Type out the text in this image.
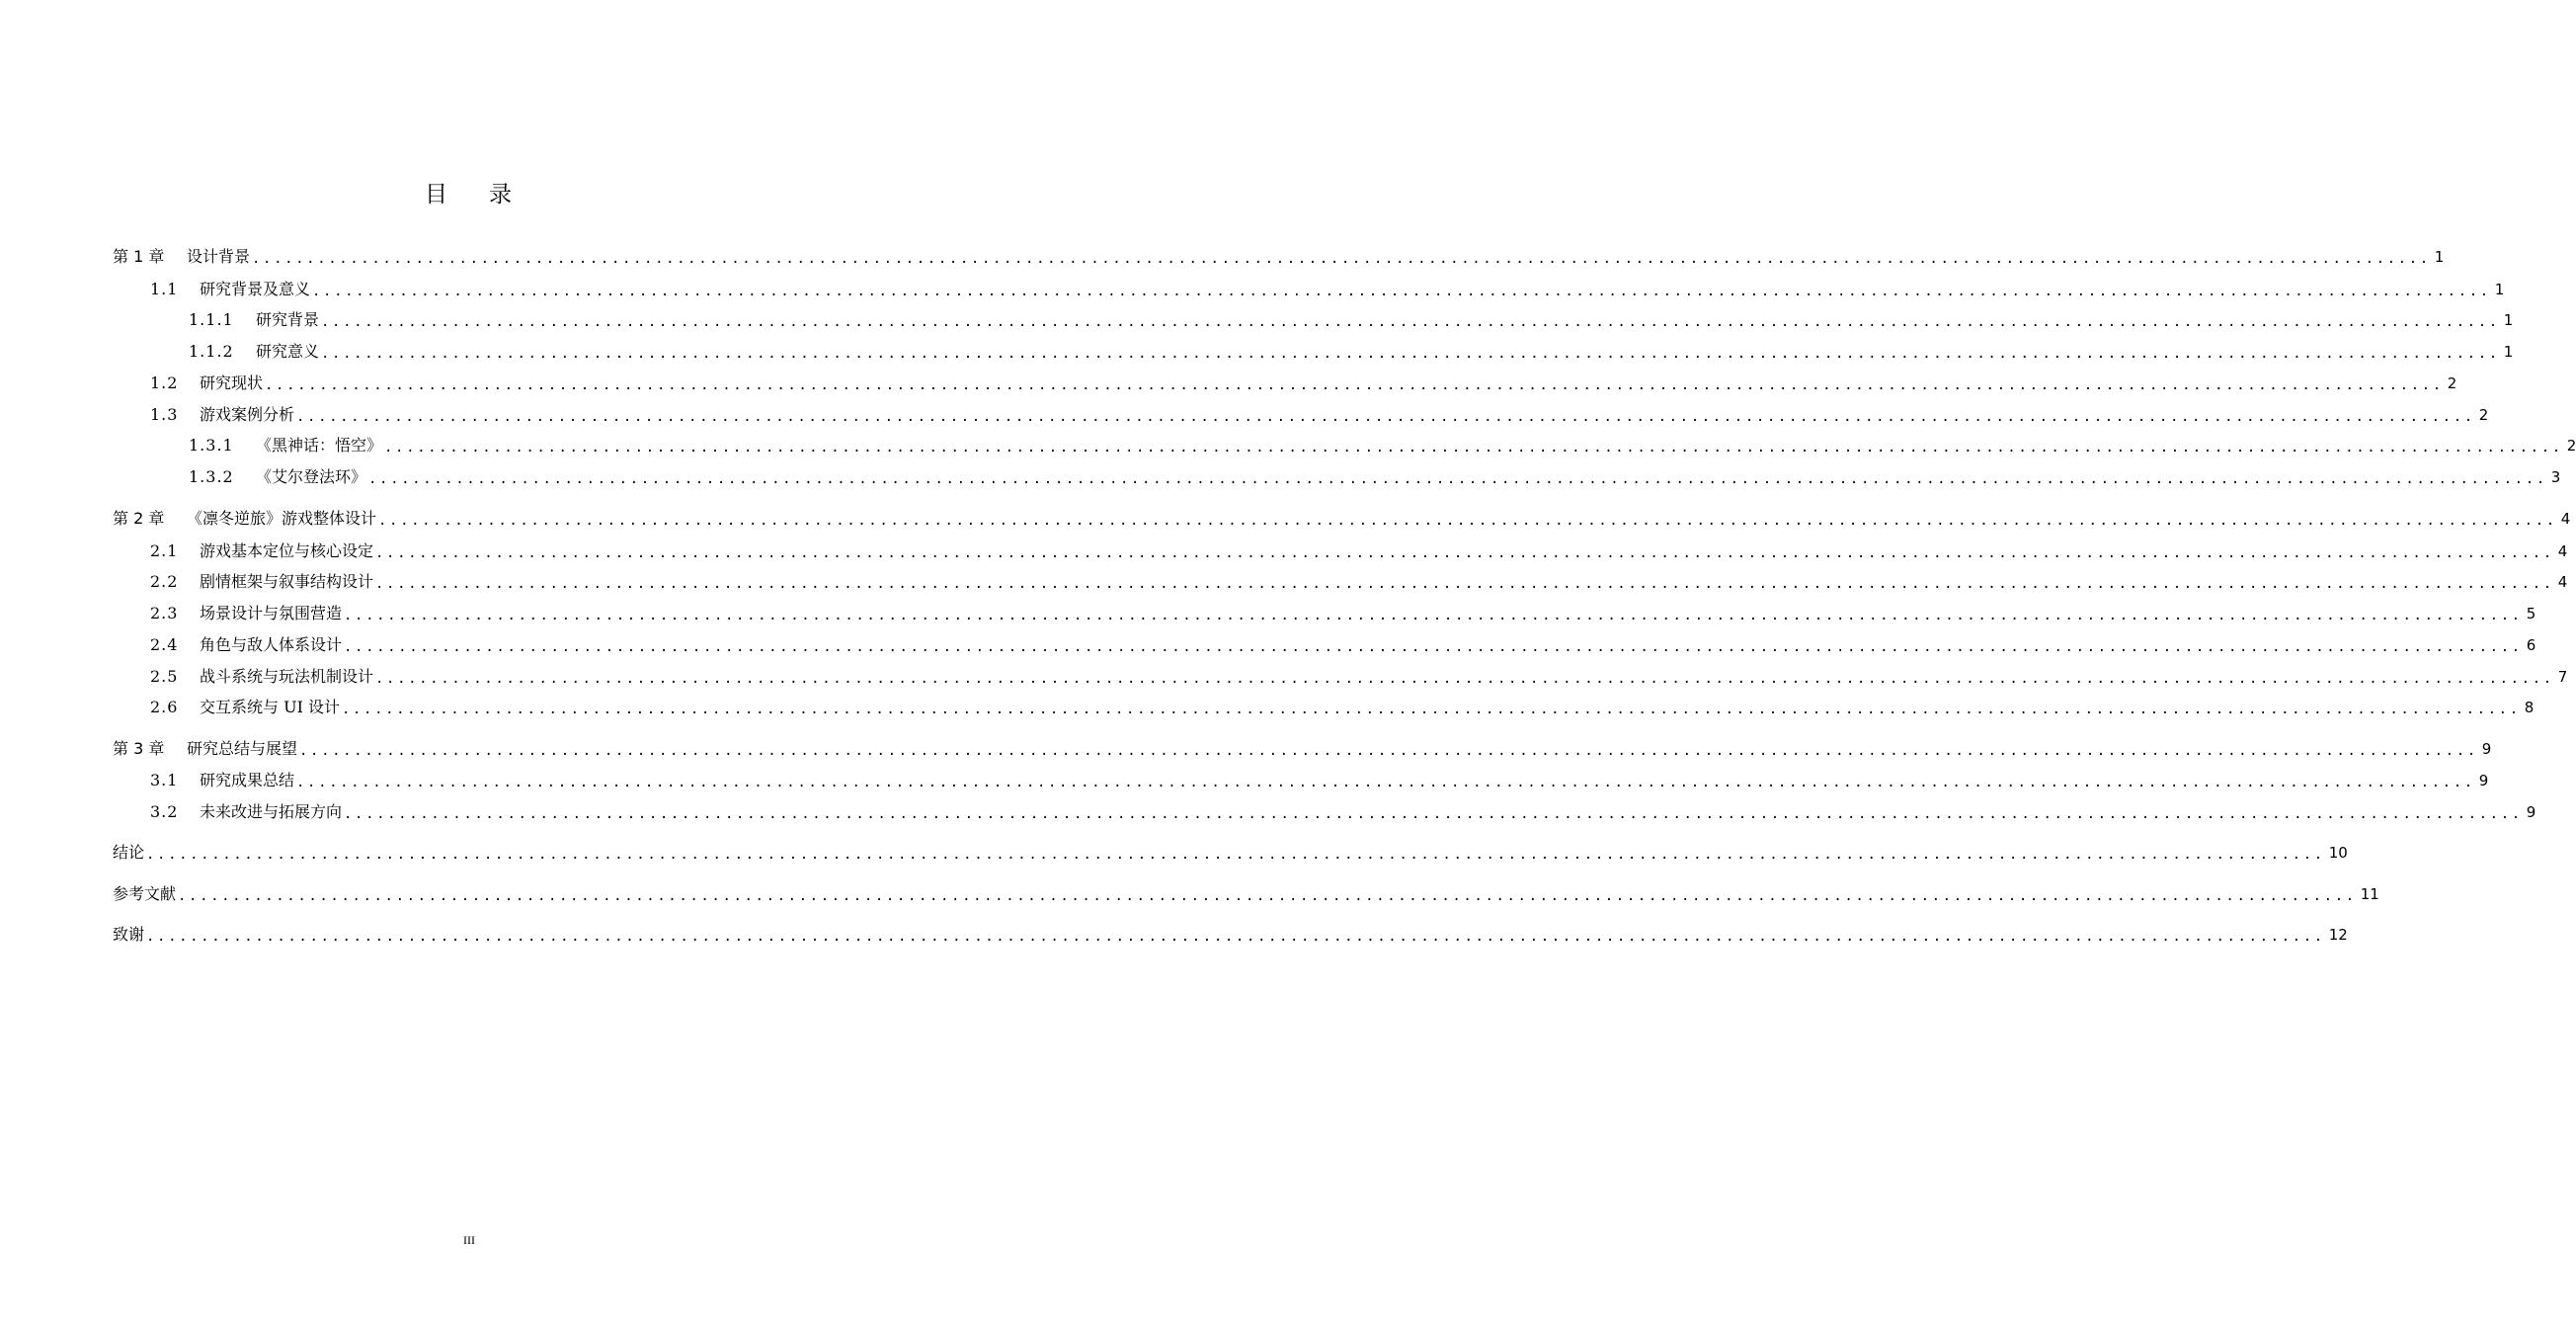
目 录
第 1 章	设计背景 ........................................................................................................................................................................................................ 1
1.1	研究背景及意义 ........................................................................................................................................................................................................ 1
1.1.1	研究背景 ........................................................................................................................................................................................................ 1
1.1.2	研究意义 ........................................................................................................................................................................................................ 1
1.2	研究现状 ........................................................................................................................................................................................................ 2
1.3	游戏案例分析 ........................................................................................................................................................................................................ 2
1.3.1	《黑神话：悟空》 ........................................................................................................................................................................................................ 2
1.3.2	《艾尔登法环》 ........................................................................................................................................................................................................ 3
第 2 章	《凛冬逆旅》游戏整体设计 ........................................................................................................................................................................................................ 4
2.1	游戏基本定位与核心设定 ........................................................................................................................................................................................................ 4
2.2	剧情框架与叙事结构设计 ........................................................................................................................................................................................................ 4
2.3	场景设计与氛围营造 ........................................................................................................................................................................................................ 5
2.4	角色与敌人体系设计 ........................................................................................................................................................................................................ 6
2.5	战斗系统与玩法机制设计 ........................................................................................................................................................................................................ 7
2.6	交互系统与 UI 设计 ........................................................................................................................................................................................................ 8
第 3 章	研究总结与展望 ........................................................................................................................................................................................................ 9
3.1	研究成果总结 ........................................................................................................................................................................................................ 9
3.2	未来改进与拓展方向 ........................................................................................................................................................................................................ 9
结论 ........................................................................................................................................................................................................ 10
参考文献 ........................................................................................................................................................................................................ 11
致谢 ........................................................................................................................................................................................................ 12
III
